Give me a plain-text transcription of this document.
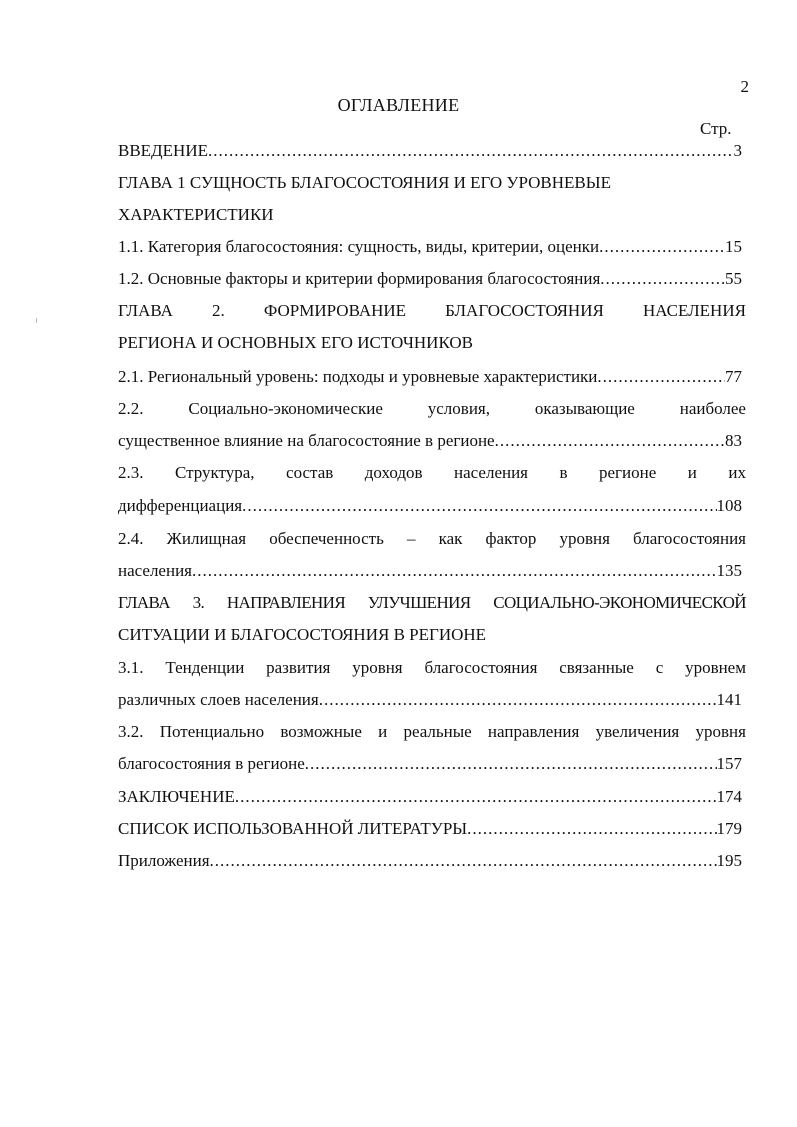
2
ОГЛАВЛЕНИЕ
Стр.
ВВЕДЕНИЕ .....	3
ГЛАВА 1 СУЩНОСТЬ БЛАГОСОСТОЯНИЯ И ЕГО УРОВНЕВЫЕ
ХАРАКТЕРИСТИКИ
1.1. Категория благосостояния: сущность, виды, критерии, оценки .....	15
1.2. Основные факторы и критерии формирования благосостояния .....	55
ГЛАВА 2. ФОРМИРОВАНИЕ БЛАГОСОСТОЯНИЯ НАСЕЛЕНИЯ
РЕГИОНА И ОСНОВНЫХ ЕГО ИСТОЧНИКОВ
2.1. Региональный уровень: подходы и уровневые характеристики .....	77
2.2.	Социально-экономические	условия,	оказывающие	наиболее
существенное влияние на благосостояние в регионе .....	83
2.3. Структура, состав доходов населения в регионе и их
дифференциация .....	108
2.4. Жилищная обеспеченность – как фактор уровня благосостояния
населения .....	135
ГЛАВА 3. НАПРАВЛЕНИЯ УЛУЧШЕНИЯ СОЦИАЛЬНО-ЭКОНОМИЧЕСКОЙ
СИТУАЦИИ И БЛАГОСОСТОЯНИЯ В РЕГИОНЕ
3.1. Тенденции развития уровня благосостояния связанные с уровнем
различных слоев населения .....	141
3.2. Потенциально возможные и реальные направления увеличения уровня
благосостояния в регионе .....	157
ЗАКЛЮЧЕНИЕ .....	174
СПИСОК ИСПОЛЬЗОВАННОЙ ЛИТЕРАТУРЫ .....	179
Приложения .....	195
